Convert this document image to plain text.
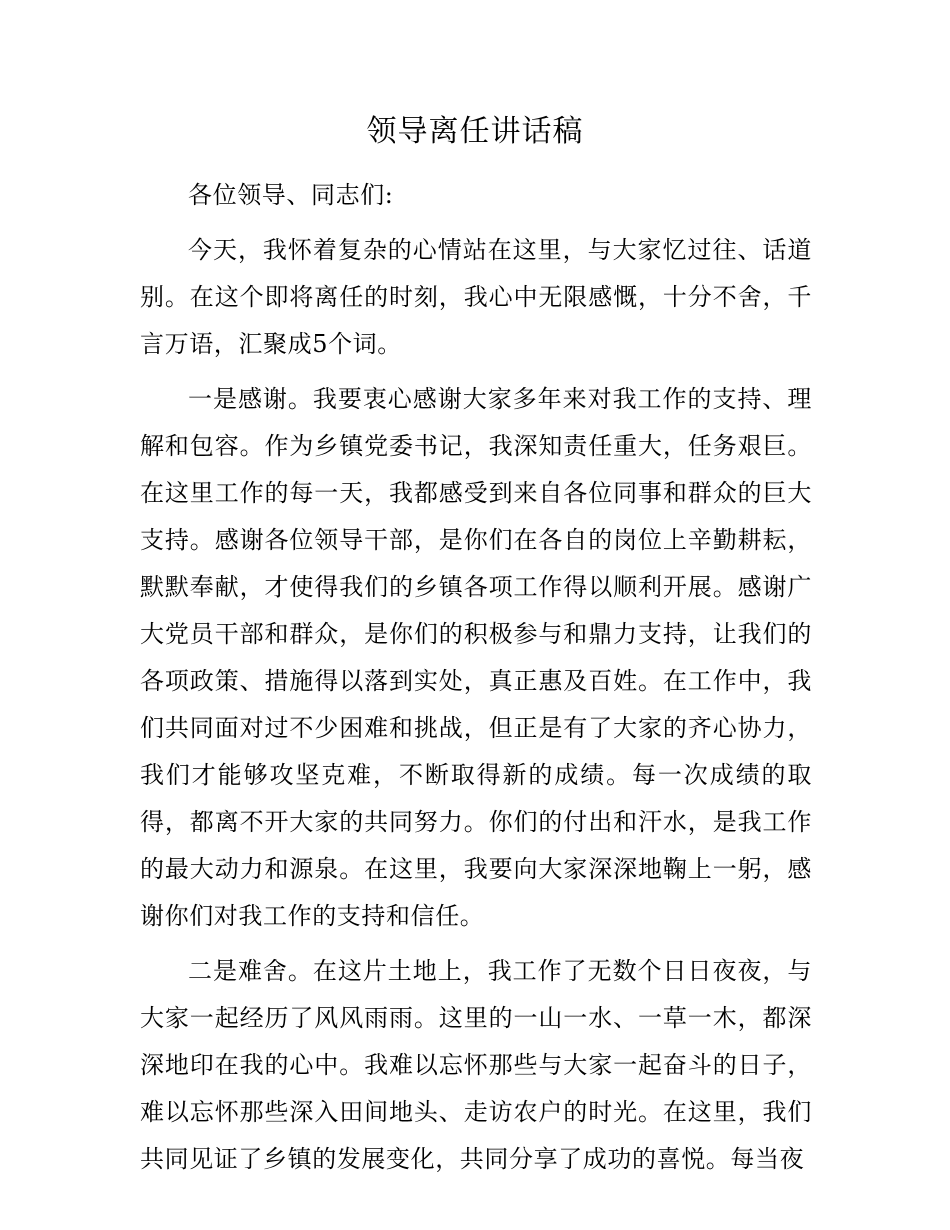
领导离任讲话稿

各位领导、同志们:

今天，我怀着复杂的心情站在这里，与大家忆过往、话道别。在这个即将离任的时刻，我心中无限感慨，十分不舍，千言万语，汇聚成5个词。

一是感谢。我要衷心感谢大家多年来对我工作的支持、理解和包容。作为乡镇党委书记，我深知责任重大，任务艰巨。在这里工作的每一天，我都感受到来自各位同事和群众的巨大支持。感谢各位领导干部，是你们在各自的岗位上辛勤耕耘，默默奉献，才使得我们的乡镇各项工作得以顺利开展。感谢广大党员干部和群众，是你们的积极参与和鼎力支持，让我们的各项政策、措施得以落到实处，真正惠及百姓。在工作中，我们共同面对过不少困难和挑战，但正是有了大家的齐心协力，我们才能够攻坚克难，不断取得新的成绩。每一次成绩的取得，都离不开大家的共同努力。你们的付出和汗水，是我工作的最大动力和源泉。在这里，我要向大家深深地鞠上一躬，感谢你们对我工作的支持和信任。

二是难舍。在这片土地上，我工作了无数个日日夜夜，与大家一起经历了风风雨雨。这里的一山一水、一草一木，都深深地印在我的心中。我难以忘怀那些与大家一起奋斗的日子，难以忘怀那些深入田间地头、走访农户的时光。在这里，我们共同见证了乡镇的发展变化，共同分享了成功的喜悦。每当夜
